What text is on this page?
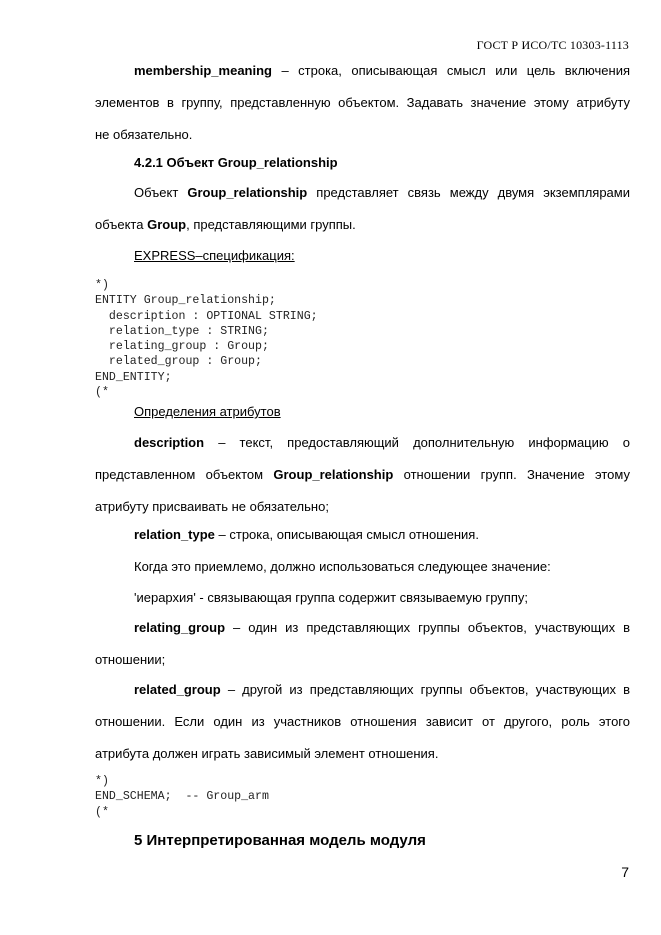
ГОСТ Р ИСО/ТС 10303-1113
membership_meaning – строка, описывающая смысл или цель включения
элементов в группу, представленную объектом. Задавать значение этому атрибуту
не обязательно.
4.2.1 Объект Group_relationship
Объект Group_relationship представляет связь между двумя экземплярами
объекта Group, представляющими группы.
EXPRESS–спецификация:
*)
ENTITY Group_relationship;
description : OPTIONAL STRING;
relation_type : STRING;
relating_group : Group;
related_group : Group;
END_ENTITY;
(*
Определения атрибутов
description – текст, предоставляющий дополнительную информацию о
представленном объектом Group_relationship отношении групп. Значение этому
атрибуту присваивать не обязательно;
relation_type – строка, описывающая смысл отношения.
Когда это приемлемо, должно использоваться следующее значение:
'иерархия' - связывающая группа содержит связываемую группу;
relating_group – один из представляющих группы объектов, участвующих в
отношении;
related_group – другой из представляющих группы объектов, участвующих в
отношении. Если один из участников отношения зависит от другого, роль этого
атрибута должен играть зависимый элемент отношения.
*)
END_SCHEMA;  -- Group_arm
(*
5 Интерпретированная модель модуля
7
